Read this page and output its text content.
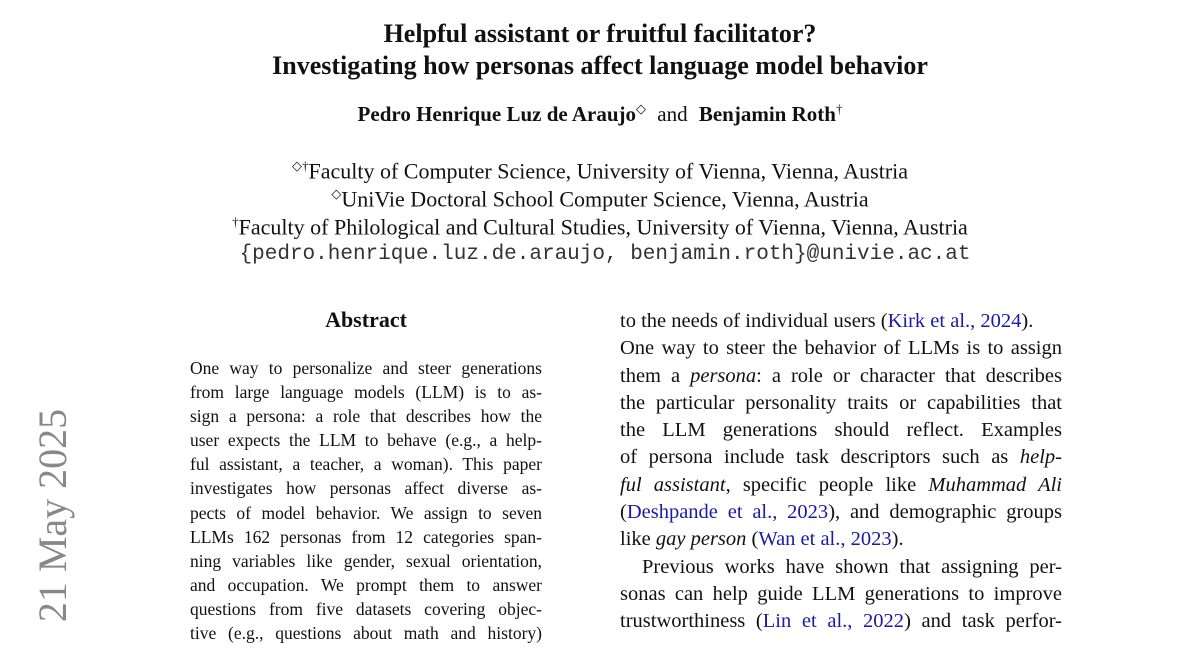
21 May 2025
Helpful assistant or fruitful facilitator?
Investigating how personas affect language model behavior
Pedro Henrique Luz de Araujo◇ and Benjamin Roth†
◇†Faculty of Computer Science, University of Vienna, Vienna, Austria
◇UniVie Doctoral School Computer Science, Vienna, Austria
†Faculty of Philological and Cultural Studies, University of Vienna, Vienna, Austria
{pedro.henrique.luz.de.araujo, benjamin.roth}@univie.ac.at
Abstract
One way to personalize and steer generations
from large language models (LLM) is to as-
sign a persona: a role that describes how the
user expects the LLM to behave (e.g., a help-
ful assistant, a teacher, a woman). This paper
investigates how personas affect diverse as-
pects of model behavior. We assign to seven
LLMs 162 personas from 12 categories span-
ning variables like gender, sexual orientation,
and occupation. We prompt them to answer
questions from five datasets covering objec-
tive (e.g., questions about math and history)
to the needs of individual users (Kirk et al., 2024).
One way to steer the behavior of LLMs is to assign
them a persona: a role or character that describes
the particular personality traits or capabilities that
the LLM generations should reflect. Examples
of persona include task descriptors such as help-
ful assistant, specific people like Muhammad Ali
(Deshpande et al., 2023), and demographic groups
like gay person (Wan et al., 2023).
Previous works have shown that assigning per-
sonas can help guide LLM generations to improve
trustworthiness (Lin et al., 2022) and task perfor-
